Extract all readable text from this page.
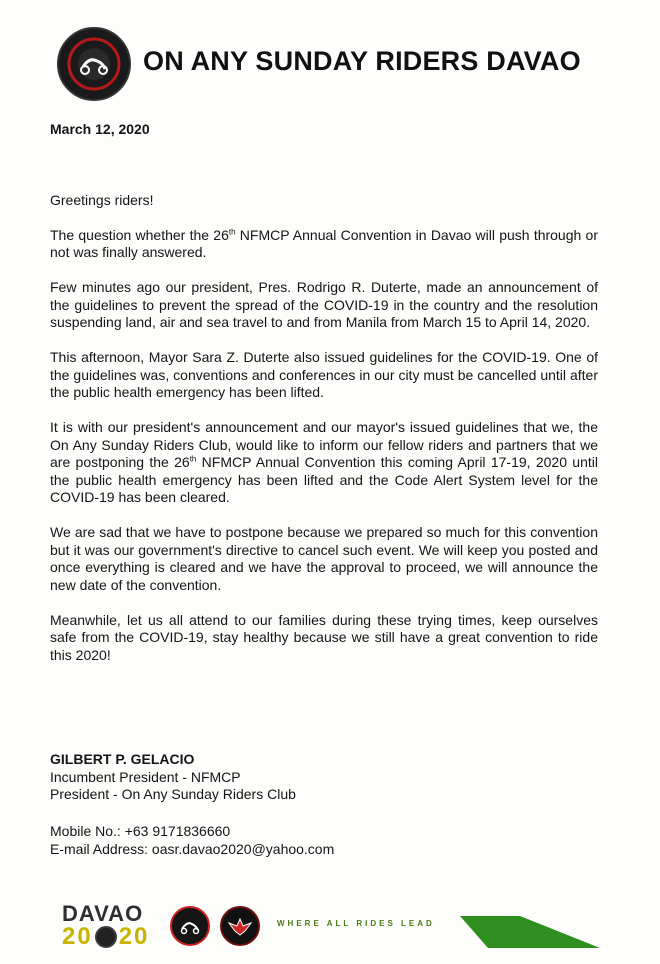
ON ANY SUNDAY RIDERS DAVAO
March 12, 2020

Greetings riders!

The question whether the 26th NFMCP Annual Convention in Davao will push through or not was finally answered.

Few minutes ago our president, Pres. Rodrigo R. Duterte, made an announcement of the guidelines to prevent the spread of the COVID-19 in the country and the resolution suspending land, air and sea travel to and from Manila from March 15 to April 14, 2020.

This afternoon, Mayor Sara Z. Duterte also issued guidelines for the COVID-19. One of the guidelines was, conventions and conferences in our city must be cancelled until after the public health emergency has been lifted.

It is with our president's announcement and our mayor's issued guidelines that we, the On Any Sunday Riders Club, would like to inform our fellow riders and partners that we are postponing the 26th NFMCP Annual Convention this coming April 17-19, 2020 until the public health emergency has been lifted and the Code Alert System level for the COVID-19 has been cleared.

We are sad that we have to postpone because we prepared so much for this convention but it was our government's directive to cancel such event. We will keep you posted and once everything is cleared and we have the approval to proceed, we will announce the new date of the convention.

Meanwhile, let us all attend to our families during these trying times, keep ourselves safe from the COVID-19, stay healthy because we still have a great convention to ride this 2020!

GILBERT P. GELACIO
Incumbent President - NFMCP
President - On Any Sunday Riders Club
Mobile No.: +63 9171836660
E-mail Address: oasr.davao2020@yahoo.com
DAVAO
20 20	WHERE ALL RIDES LEAD
